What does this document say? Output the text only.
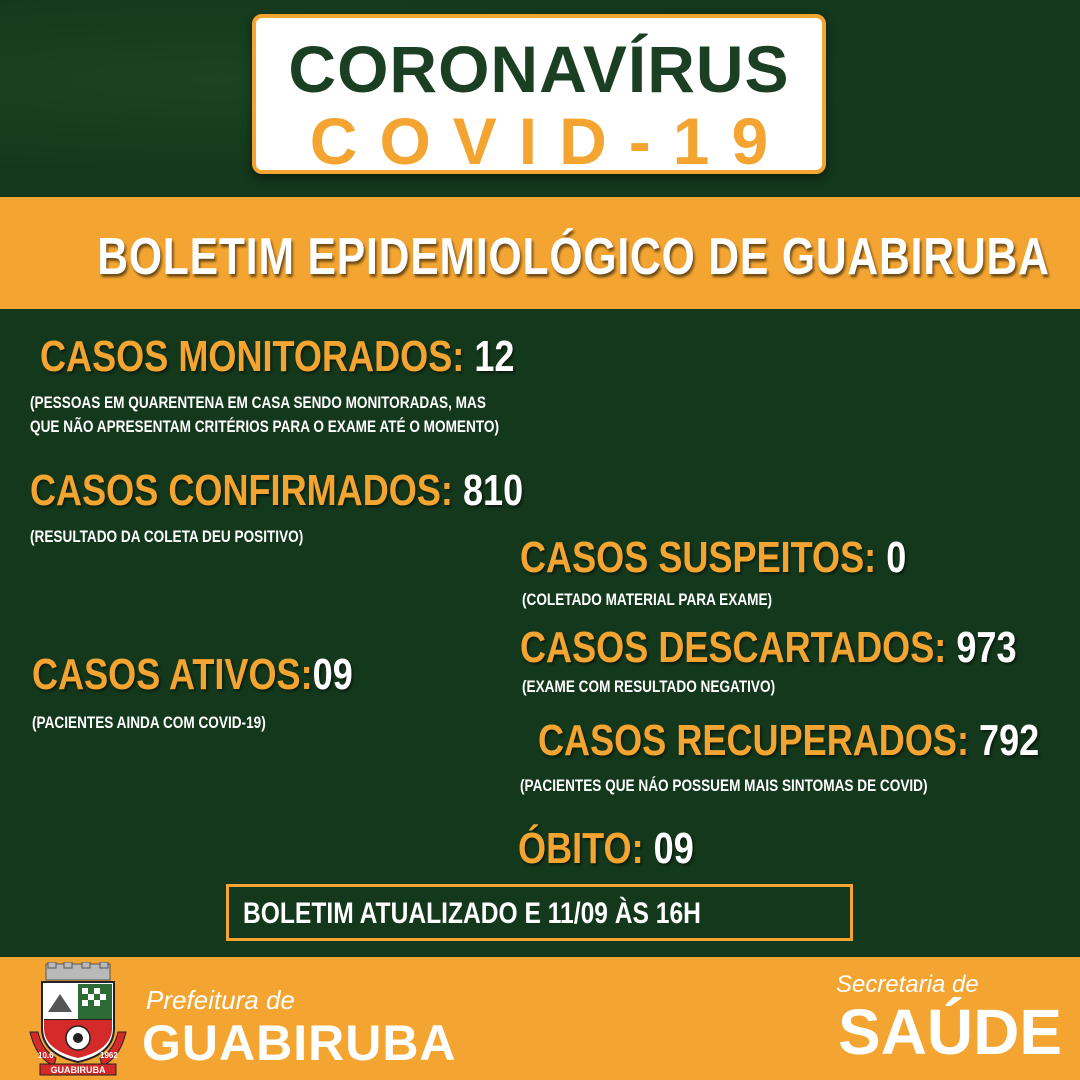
CORONAVÍRUS
COVID-19
BOLETIM EPIDEMIOLÓGICO DE GUABIRUBA
CASOS MONITORADOS: 12
(PESSOAS EM QUARENTENA EM CASA SENDO MONITORADAS, MAS
QUE NÃO APRESENTAM CRITÉRIOS PARA O EXAME ATÉ O MOMENTO)
CASOS CONFIRMADOS: 810
(RESULTADO DA COLETA DEU POSITIVO)	CASOS SUSPEITOS: 0
(COLETADO MATERIAL PARA EXAME)
CASOS ATIVOS:09
(PACIENTES AINDA COM COVID-19)
CASOS DESCARTADOS: 973
(EXAME COM RESULTADO NEGATIVO)
CASOS RECUPERADOS: 792
(PACIENTES QUE NÁO POSSUEM MAIS SINTOMAS DE COVID)
ÓBITO: 09
BOLETIM ATUALIZADO E 11/09 ÀS 16H
Prefeitura de
GUABIRUBA
Secretaria de
SAÚDE
10.6	1962
GUABIRUBA
